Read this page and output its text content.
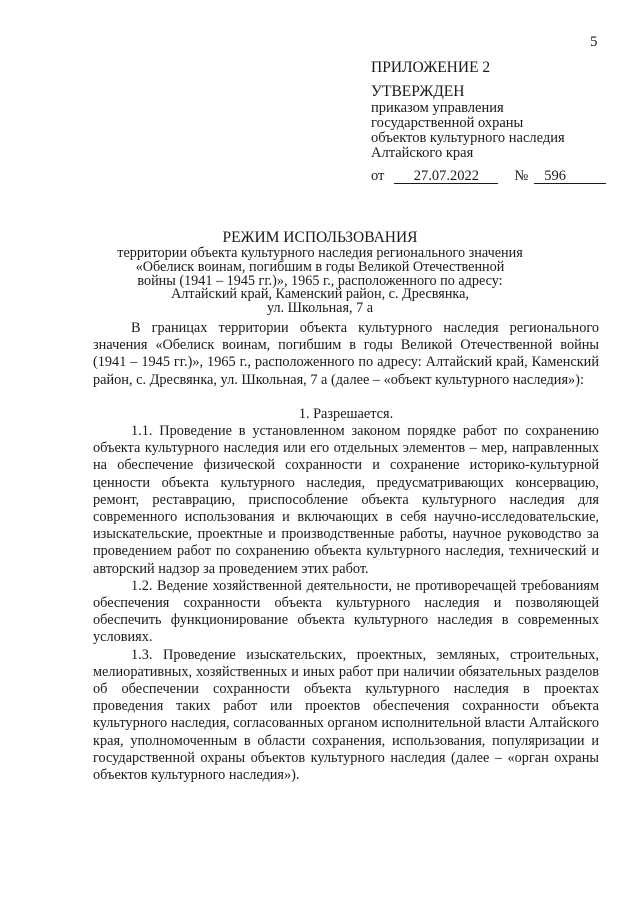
5
ПРИЛОЖЕНИЕ 2
УТВЕРЖДЕН
приказом управления
государственной охраны
объектов культурного наследия
Алтайского края
от 27.07.2022 № 596
РЕЖИМ ИСПОЛЬЗОВАНИЯ
территории объекта культурного наследия регионального значения
«Обелиск воинам, погибшим в годы Великой Отечественной
войны (1941 – 1945 гг.)», 1965 г., расположенного по адресу:
Алтайский край, Каменский район, с. Дресвянка,
ул. Школьная, 7 а

В границах территории объекта культурного наследия регионального значения «Обелиск воинам, погибшим в годы Великой Отечественной войны (1941 – 1945 гг.)», 1965 г., расположенного по адресу: Алтайский край, Каменский район, с. Дресвянка, ул. Школьная, 7 а (далее – «объект культурного наследия»):

1. Разрешается.

1.1. Проведение в установленном законом порядке работ по сохранению объекта культурного наследия или его отдельных элементов – мер, направленных на обеспечение физической сохранности и сохранение историко-культурной ценности объекта культурного наследия, предусматривающих консервацию, ремонт, реставрацию, приспособление объекта культурного наследия для современного использования и включающих в себя научно-исследовательские, изыскательские, проектные и производственные работы, научное руководство за проведением работ по сохранению объекта культурного наследия, технический и авторский надзор за проведением этих работ.

1.2. Ведение хозяйственной деятельности, не противоречащей требованиям обеспечения сохранности объекта культурного наследия и позволяющей обеспечить функционирование объекта культурного наследия в современных условиях.

1.3. Проведение изыскательских, проектных, земляных, строительных, мелиоративных, хозяйственных и иных работ при наличии обязательных разделов об обеспечении сохранности объекта культурного наследия в проектах проведения таких работ или проектов обеспечения сохранности объекта культурного наследия, согласованных органом исполнительной власти Алтайского края, уполномоченным в области сохранения, использования, популяризации и государственной охраны объектов культурного наследия (далее – «орган охраны объектов культурного наследия»).
